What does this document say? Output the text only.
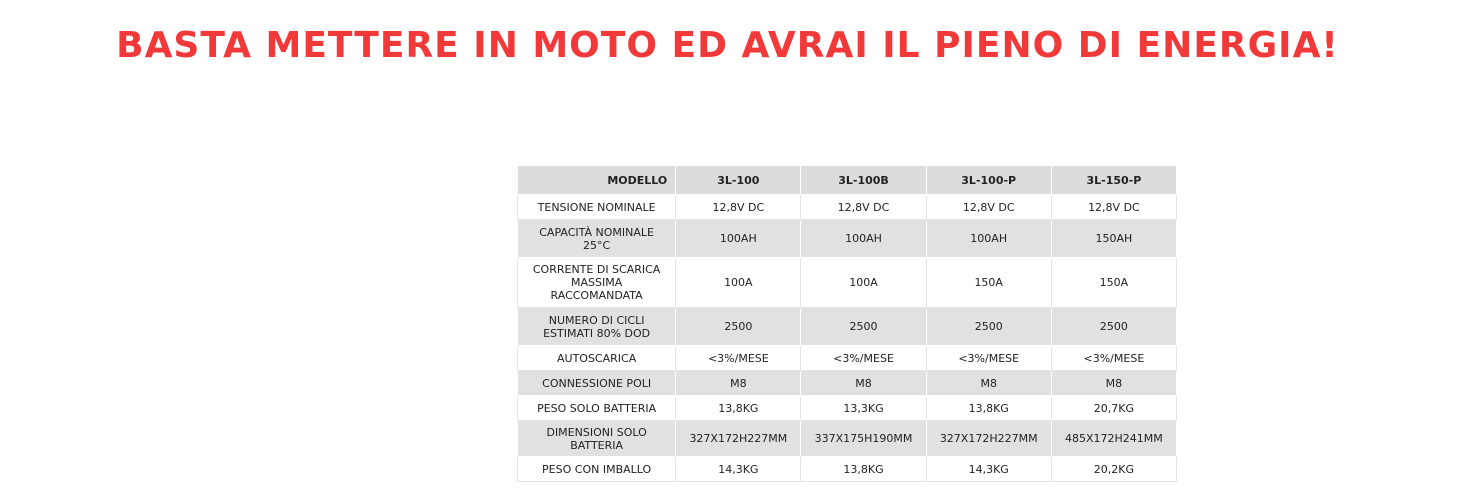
BASTA METTERE IN MOTO ED AVRAI IL PIENO DI ENERGIA!
MODELLO	3L-100	3L-100B	3L-100-P	3L-150-P
TENSIONE NOMINALE	12,8V DC	12,8V DC	12,8V DC	12,8V DC
CAPACITÀ NOMINALE
25°C	100AH	100AH	100AH	150AH
CORRENTE DI SCARICA
MASSIMA
RACCOMANDATA	100A	100A	150A	150A
NUMERO DI CICLI
ESTIMATI 80% DOD	2500	2500	2500	2500
AUTOSCARICA	<3%/MESE	<3%/MESE	<3%/MESE	<3%/MESE
CONNESSIONE POLI	M8	M8	M8	M8
PESO SOLO BATTERIA	13,8KG	13,3KG	13,8KG	20,7KG
DIMENSIONI SOLO
BATTERIA	327X172H227MM	337X175H190MM	327X172H227MM	485X172H241MM
PESO CON IMBALLO	14,3KG	13,8KG	14,3KG	20,2KG
